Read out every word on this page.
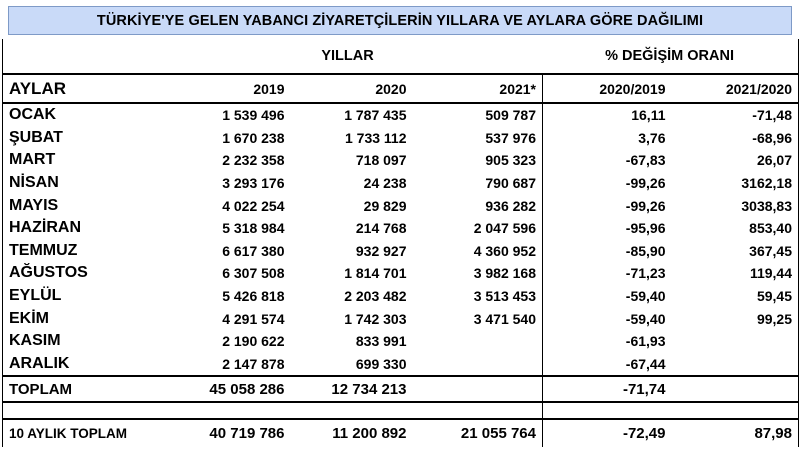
TÜRKİYE'YE GELEN YABANCI ZİYARETÇİLERİN YILLARA VE AYLARA GÖRE DAĞILIMI
	YILLAR			% DEĞİŞİM ORANI	
AYLAR	2019	2020	2021*	2020/2019	2021/2020
OCAK	1 539 496	1 787 435	509 787	16,11	-71,48
ŞUBAT	1 670 238	1 733 112	537 976	3,76	-68,96
MART	2 232 358	718 097	905 323	-67,83	26,07
NİSAN	3 293 176	24 238	790 687	-99,26	3162,18
MAYIS	4 022 254	29 829	936 282	-99,26	3038,83
HAZİRAN	5 318 984	214 768	2 047 596	-95,96	853,40
TEMMUZ	6 617 380	932 927	4 360 952	-85,90	367,45
AĞUSTOS	6 307 508	1 814 701	3 982 168	-71,23	119,44
EYLÜL	5 426 818	2 203 482	3 513 453	-59,40	59,45
EKİM	4 291 574	1 742 303	3 471 540	-59,40	99,25
KASIM	2 190 622	833 991		-61,93	
ARALIK	2 147 878	699 330		-67,44	
TOPLAM	45 058 286	12 734 213		-71,74	

10 AYLIK TOPLAM	40 719 786	11 200 892	21 055 764	-72,49	87,98
